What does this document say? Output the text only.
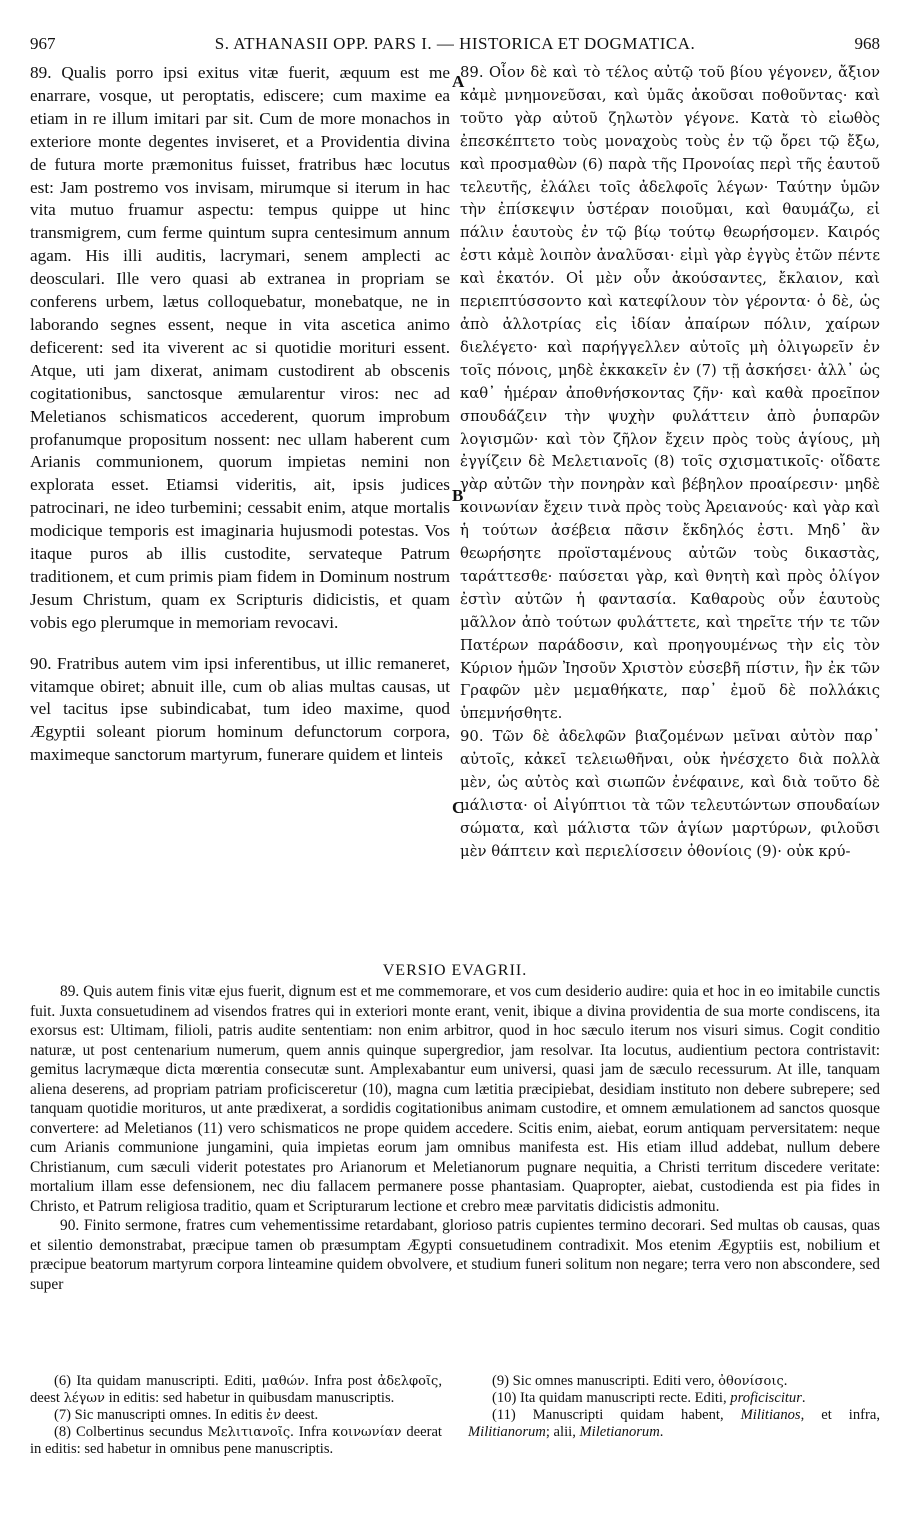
967	S. ATHANASII OPP. PARS I. — HISTORICA ET DOGMATICA.	968

89. Qualis porro ipsi exitus vitæ fuerit, æquum est me enarrare, vosque, ut peroptatis, ediscere; cum maxime ea etiam in re illum imitari par sit. Cum de more monachos in exteriore monte degentes inviseret, et a Providentia divina de futura morte præmonitus fuisset, fratribus hæc locutus est: Jam postremo vos invisam, mirumque si iterum in hac vita mutuo fruamur aspectu: tempus quippe ut hinc transmigrem, cum ferme quintum supra centesimum annum agam. His illi auditis, lacrymari, senem amplecti ac deosculari. Ille vero quasi ab extranea in propriam se conferens urbem, lætus colloquebatur, monebatque, ne in laborando segnes essent, neque in vita ascetica animo deficerent: sed ita viverent ac si quotidie morituri essent. Atque, uti jam dixerat, animam custodirent ab obscenis cogitationibus, sanctosque æmularentur viros: nec ad Meletianos schismaticos accederent, quorum improbum profanumque propositum nossent: nec ullam haberent cum Arianis communionem, quorum impietas nemini non explorata esset. Etiamsi videritis, ait, ipsis judices patrocinari, ne ideo turbemini; cessabit enim, atque mortalis modicique temporis est imaginaria hujusmodi potestas. Vos itaque puros ab illis custodite, servateque Patrum traditionem, et cum primis piam fidem in Dominum nostrum Jesum Christum, quam ex Scripturis didicistis, et quam vobis ego plerumque in memoriam revocavi.

90. Fratribus autem vim ipsi inferentibus, ut illic remaneret, vitamque obiret; abnuit ille, cum ob alias multas causas, ut vel tacitus ipse subindicabat, tum ideo maxime, quod Ægyptii soleant piorum hominum defunctorum corpora, maximeque sanctorum martyrum, funerare quidem et linteis

89. Οἷον δὲ καὶ τὸ τέλος αὐτῷ τοῦ βίου γέγονεν, ἄξιον κἀμὲ μνημονεῦσαι, καὶ ὑμᾶς ἀκοῦσαι ποθοῦντας· καὶ τοῦτο γὰρ αὐτοῦ ζηλωτὸν γέγονε. Κατὰ τὸ εἰωθὸς ἐπεσκέπτετο τοὺς μοναχοὺς τοὺς ἐν τῷ ὄρει τῷ ἔξω, καὶ προσμαθὼν (6) παρὰ τῆς Προνοίας περὶ τῆς ἑαυτοῦ τελευτῆς, ἐλάλει τοῖς ἀδελφοῖς λέγων· Ταύτην ὑμῶν τὴν ἐπίσκεψιν ὑστέραν ποιοῦμαι, καὶ θαυμάζω, εἰ πάλιν ἑαυτοὺς ἐν τῷ βίῳ τούτῳ θεωρήσομεν. Καιρός ἐστι κἀμὲ λοιπὸν ἀναλῦσαι· εἰμὶ γὰρ ἐγγὺς ἐτῶν πέντε καὶ ἑκατόν. Οἱ μὲν οὖν ἀκούσαντες, ἔκλαιον, καὶ περιεπτύσσοντο καὶ κατεφίλουν τὸν γέροντα· ὁ δὲ, ὡς ἀπὸ ἀλλοτρίας εἰς ἰδίαν ἀπαίρων πόλιν, χαίρων διελέγετο· καὶ παρήγγελλεν αὐτοῖς μὴ ὀλιγωρεῖν ἐν τοῖς πόνοις, μηδὲ ἐκκακεῖν ἐν (7) τῇ ἀσκήσει· ἀλλ᾽ ὡς καθ᾽ ἡμέραν ἀποθνήσκοντας ζῆν· καὶ καθὰ προεῖπον σπουδάζειν τὴν ψυχὴν φυλάττειν ἀπὸ ῥυπαρῶν λογισμῶν· καὶ τὸν ζῆλον ἔχειν πρὸς τοὺς ἁγίους, μὴ ἐγγίζειν δὲ Μελετιανοῖς (8) τοῖς σχισματικοῖς· οἴδατε γὰρ αὐτῶν τὴν πονηρὰν καὶ βέβηλον προαίρεσιν· μηδὲ κοινωνίαν ἔχειν τινὰ πρὸς τοὺς Ἀρειανούς· καὶ γὰρ καὶ ἡ τούτων ἀσέβεια πᾶσιν ἔκδηλός ἐστι. Μηδ᾽ ἂν θεωρήσητε προϊσταμένους αὐτῶν τοὺς δικαστὰς, ταράττεσθε· παύσεται γὰρ, καὶ θνητὴ καὶ πρὸς ὀλίγον ἐστὶν αὐτῶν ἡ φαντασία. Καθαροὺς οὖν ἑαυτοὺς μᾶλλον ἀπὸ τούτων φυλάττετε, καὶ τηρεῖτε τήν τε τῶν Πατέρων παράδοσιν, καὶ προηγουμένως τὴν εἰς τὸν Κύριον ἡμῶν Ἰησοῦν Χριστὸν εὐσεβῆ πίστιν, ἣν ἐκ τῶν Γραφῶν μὲν μεμαθήκατε, παρ᾽ ἐμοῦ δὲ πολλάκις ὑπεμνήσθητε.

90. Τῶν δὲ ἀδελφῶν βιαζομένων μεῖναι αὐτὸν παρ᾽ αὐτοῖς, κἀκεῖ τελειωθῆναι, οὐκ ἠνέσχετο διὰ πολλὰ μὲν, ὡς αὐτὸς καὶ σιωπῶν ἐνέφαινε, καὶ διὰ τοῦτο δὲ μάλιστα· οἱ Αἰγύπτιοι τὰ τῶν τελευτώντων σπουδαίων σώματα, καὶ μάλιστα τῶν ἁγίων μαρτύρων, φιλοῦσι μὲν θάπτειν καὶ περιελίσσειν ὀθονίοις (9)· οὐκ κρύ-

A
B
C
VERSIO EVAGRII.

89. Quis autem finis vitæ ejus fuerit, dignum est et me commemorare, et vos cum desiderio audire: quia et hoc in eo imitabile cunctis fuit. Juxta consuetudinem ad visendos fratres qui in exteriori monte erant, venit, ibique a divina providentia de sua morte condiscens, ita exorsus est: Ultimam, filioli, patris audite sententiam: non enim arbitror, quod in hoc sæculo iterum nos visuri simus. Cogit conditio naturæ, ut post centenarium numerum, quem annis quinque supergredior, jam resolvar. Ita locutus, audientium pectora contristavit: gemitus lacrymæque dicta mœrentia consecutæ sunt. Amplexabantur eum universi, quasi jam de sæculo recessurum. At ille, tanquam aliena deserens, ad propriam patriam proficisceretur (10), magna cum lætitia præcipiebat, desidiam instituto non debere subrepere; sed tanquam quotidie morituros, ut ante prædixerat, a sordidis cogitationibus animam custodire, et omnem æmulationem ad sanctos quosque convertere: ad Meletianos (11) vero schismaticos ne prope quidem accedere. Scitis enim, aiebat, eorum antiquam perversitatem: neque cum Arianis communione jungamini, quia impietas eorum jam omnibus manifesta est. His etiam illud addebat, nullum debere Christianum, cum sæculi viderit potestates pro Arianorum et Meletianorum pugnare nequitia, a Christi territum discedere veritate: mortalium illam esse defensionem, nec diu fallacem permanere posse phantasiam. Quapropter, aiebat, custodienda est pia fides in Christo, et Patrum religiosa traditio, quam et Scripturarum lectione et crebro meæ parvitatis didicistis admonitu.

90. Finito sermone, fratres cum vehementissime retardabant, glorioso patris cupientes termino decorari. Sed multas ob causas, quas et silentio demonstrabat, præcipue tamen ob præsumptam Ægypti consuetudinem contradixit. Mos etenim Ægyptiis est, nobilium et præcipue beatorum martyrum corpora linteamine quidem obvolvere, et studium funeri solitum non negare; terra vero non abscondere, sed super

(6) Ita quidam manuscripti. Editi, μαθών. Infra post ἀδελφοῖς, deest λέγων in editis: sed habetur in quibusdam manuscriptis.

(7) Sic manuscripti omnes. In editis ἐν deest.

(8) Colbertinus secundus Μελιτιανοῖς. Infra κοινωνίαν deerat in editis: sed habetur in omnibus pene manuscriptis.

(9) Sic omnes manuscripti. Editi vero, ὀθονίσοις.

(10) Ita quidam manuscripti recte. Editi, proficiscitur.

(11) Manuscripti quidam habent, Militianos, et infra, Militianorum; alii, Miletianorum.
